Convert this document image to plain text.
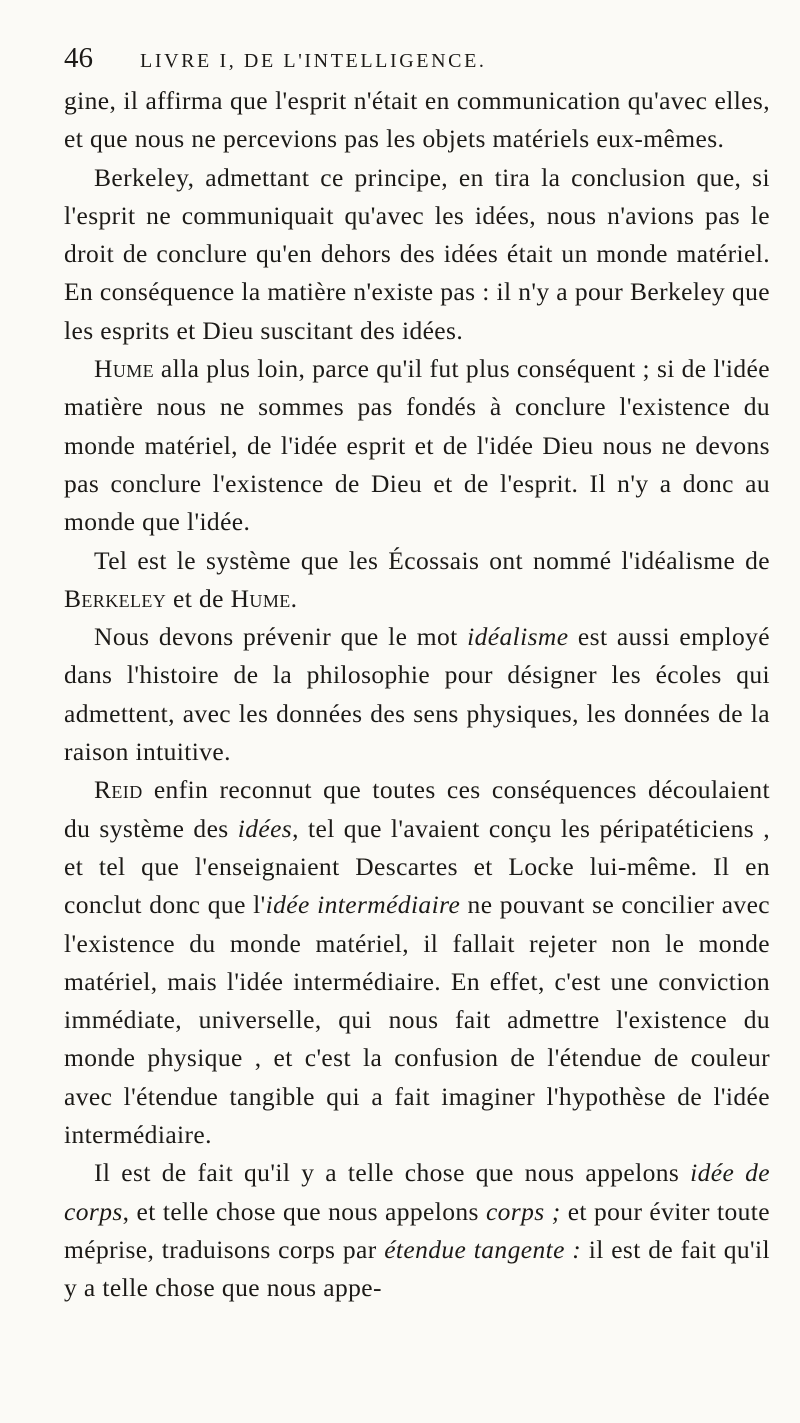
46	LIVRE I, DE L'INTELLIGENCE.

gine, il affirma que l'esprit n'était en communication qu'avec elles, et que nous ne percevions pas les objets matériels eux-mêmes.

Berkeley, admettant ce principe, en tira la conclusion que, si l'esprit ne communiquait qu'avec les idées, nous n'avions pas le droit de conclure qu'en dehors des idées était un monde matériel. En conséquence la matière n'existe pas : il n'y a pour Berkeley que les esprits et Dieu suscitant des idées.

Hume alla plus loin, parce qu'il fut plus conséquent ; si de l'idée matière nous ne sommes pas fondés à conclure l'existence du monde matériel, de l'idée esprit et de l'idée Dieu nous ne devons pas conclure l'existence de Dieu et de l'esprit. Il n'y a donc au monde que l'idée.

Tel est le système que les Écossais ont nommé l'idéalisme de Berkeley et de Hume.

Nous devons prévenir que le mot idéalisme est aussi employé dans l'histoire de la philosophie pour désigner les écoles qui admettent, avec les données des sens physiques, les données de la raison intuitive.

Reid enfin reconnut que toutes ces conséquences découlaient du système des idées, tel que l'avaient conçu les péripatéticiens , et tel que l'enseignaient Descartes et Locke lui-même. Il en conclut donc que l'idée intermédiaire ne pouvant se concilier avec l'existence du monde matériel, il fallait rejeter non le monde matériel, mais l'idée intermédiaire. En effet, c'est une conviction immédiate, universelle, qui nous fait admettre l'existence du monde physique , et c'est la confusion de l'étendue de couleur avec l'étendue tangible qui a fait imaginer l'hypothèse de l'idée intermédiaire.

Il est de fait qu'il y a telle chose que nous appelons idée de corps, et telle chose que nous appelons corps ; et pour éviter toute méprise, traduisons corps par étendue tangente : il est de fait qu'il y a telle chose que nous appe-
